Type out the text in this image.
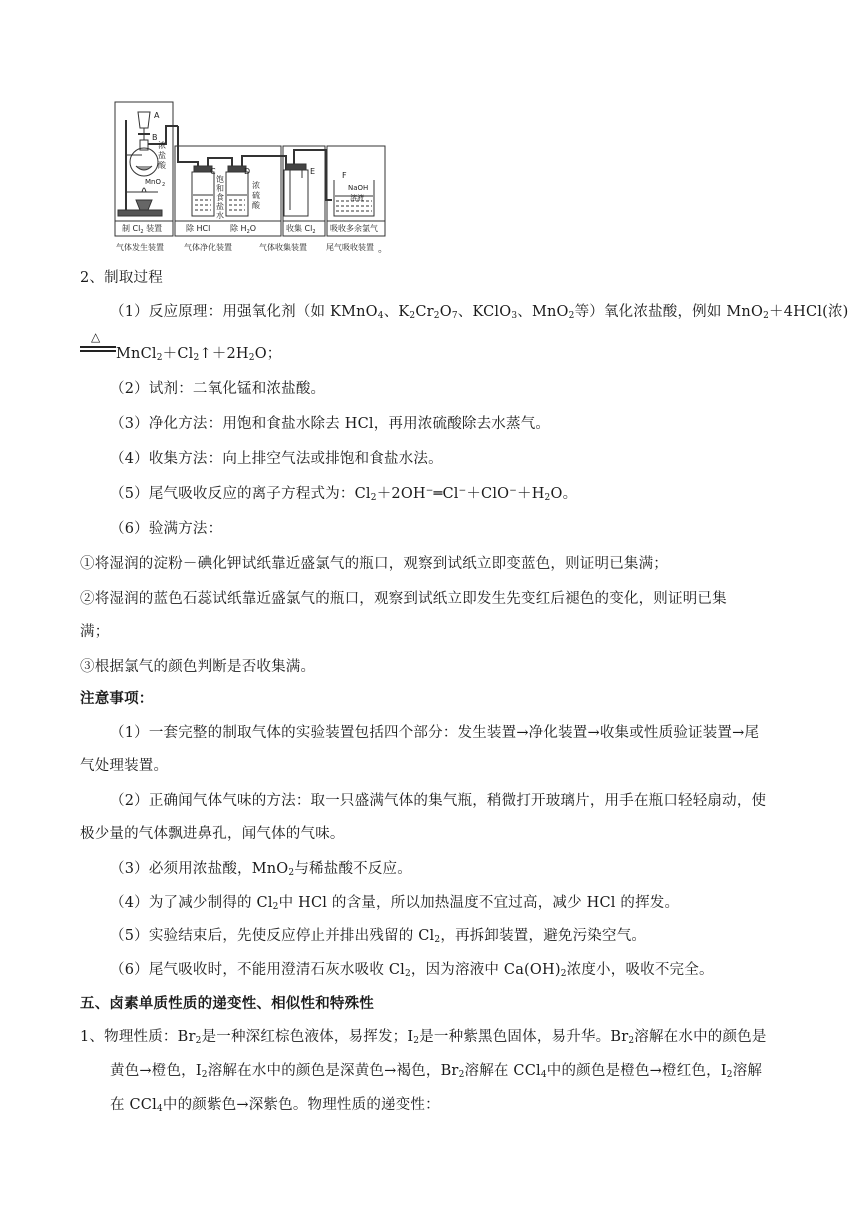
A
B
C	D	E	F
浓
盐
酸
MnO 2
饱
和
食
盐
水
浓
硫
酸
NaOH
溶液
制 $Cl_2$ 装置	除 HCl 除 $H_2O$	收集 $Cl_2$ 吸收多余氯气
气体发生装置	气体净化装置	气体收集装置 尾气吸收装置 。
2、制取过程
（1）反应原理：用强氧化剂（如 KMnO$_4$、$K_2Cr_2O_7$、KClO$_3$、MnO$_2$等）氧化浓盐酸，例如 MnO$_2$＋4HCl(浓)
△
$MnCl_2+Cl_2↑+2H_2O$；
（2）试剂：二氧化锰和浓盐酸。
（3）净化方法：用饱和食盐水除去 HCl，再用浓硫酸除去水蒸气。
（4）收集方法：向上排空气法或排饱和食盐水法。
（5）尾气吸收反应的离子方程式为：$Cl_2+2OH^-═Cl^-+ClO^-+H_2O$。
（6）验满方法：
①将湿润的淀粉－碘化钾试纸靠近盛氯气的瓶口，观察到试纸立即变蓝色，则证明已集满；
②将湿润的蓝色石蕊试纸靠近盛氯气的瓶口，观察到试纸立即发生先变红后褪色的变化，则证明已集
满；
③根据氯气的颜色判断是否收集满。
注意事项：
（1）一套完整的制取气体的实验装置包括四个部分：发生装置→净化装置→收集或性质验证装置→尾
气处理装置。
（2）正确闻气体气味的方法：取一只盛满气体的集气瓶，稍微打开玻璃片，用手在瓶口轻轻扇动，使
极少量的气体飘进鼻孔，闻气体的气味。
（3）必须用浓盐酸，MnO$_2$与稀盐酸不反应。
（4）为了减少制得的 $Cl_2$中 HCl 的含量，所以加热温度不宜过高，减少 HCl 的挥发。
（5）实验结束后，先使反应停止并排出残留的 $Cl_2$，再拆卸装置，避免污染空气。
（6）尾气吸收时，不能用澄清石灰水吸收 $Cl_2$，因为溶液中 $Ca(OH)_2$浓度小，吸收不完全。
五、卤素单质性质的递变性、相似性和特殊性
1、物理性质：$Br_2$是一种深红棕色液体，易挥发；$I_2$是一种紫黑色固体，易升华。$Br_2$溶解在水中的颜色是
黄色→橙色，$I_2$溶解在水中的颜色是深黄色→褐色，$Br_2$溶解在 CCl$_4$中的颜色是橙色→橙红色，$I_2$溶解
在 CCl$_4$中的颜紫色→深紫色。物理性质的递变性：
